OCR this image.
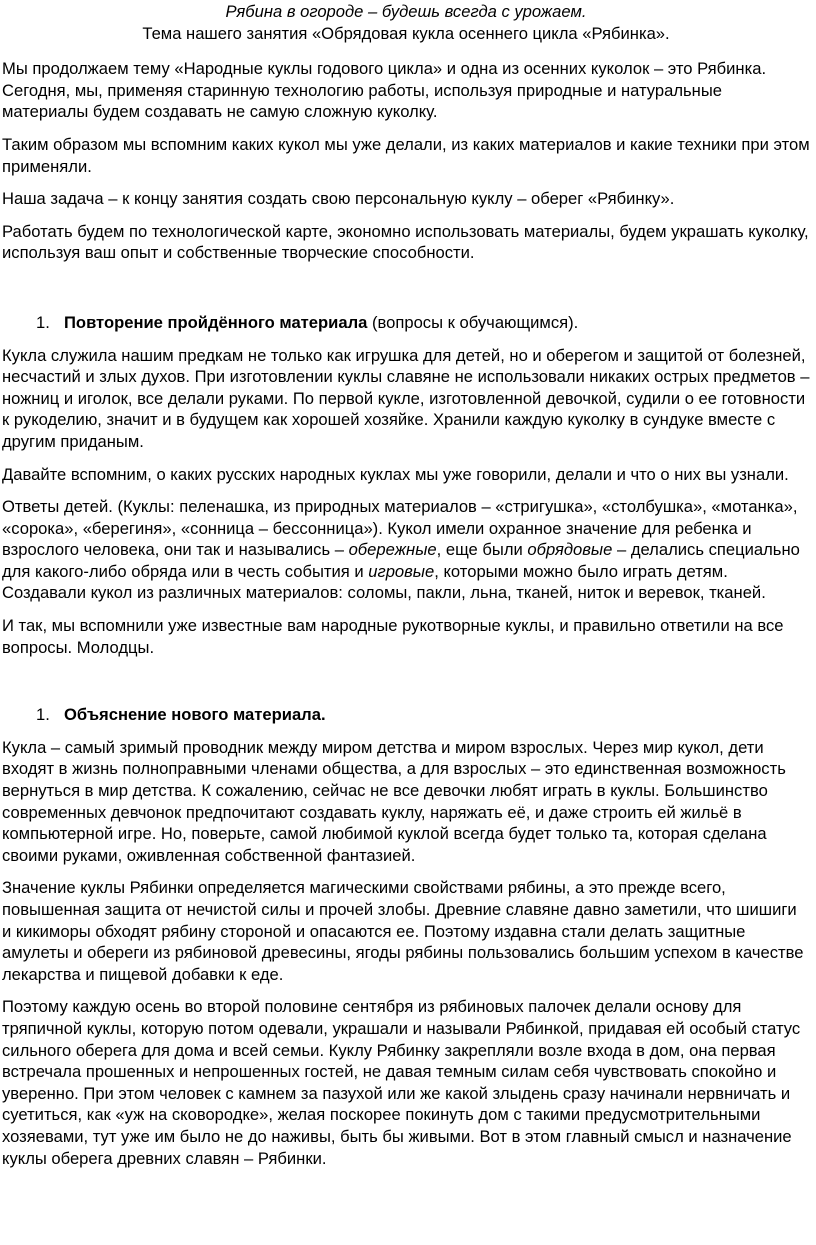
Рябина в огороде – будешь всегда с урожаем.
Тема нашего занятия «Обрядовая кукла осеннего цикла «Рябинка».

Мы продолжаем тему «Народные куклы годового цикла» и одна из осенних куколок – это Рябинка. Сегодня, мы, применяя старинную технологию работы, используя природные и натуральные материалы будем создавать не самую сложную куколку.

Таким образом мы вспомним каких кукол мы уже делали, из каких материалов и какие техники при этом применяли.

Наша задача – к концу занятия создать свою персональную куклу – оберег «Рябинку».

Работать будем по технологической карте, экономно использовать материалы, будем украшать куколку, используя ваш опыт и собственные творческие способности.

1. Повторение пройдённого материала (вопросы к обучающимся).

Кукла служила нашим предкам не только как игрушка для детей, но и оберегом и защитой от болезней, несчастий и злых духов. При изготовлении куклы славяне не использовали никаких острых предметов – ножниц и иголок, все делали руками. По первой кукле, изготовленной девочкой, судили о ее готовности к рукоделию, значит и в будущем как хорошей хозяйке. Хранили каждую куколку в сундуке вместе с другим приданым.

Давайте вспомним, о каких русских народных куклах мы уже говорили, делали и что о них вы узнали.

Ответы детей. (Куклы: пеленашка, из природных материалов – «стригушка», «столбушка», «мотанка», «сорока», «берегиня», «сонница – бессонница»). Кукол имели охранное значение для ребенка и взрослого человека, они так и назывались – обережные, еще были обрядовые – делались специально для какого-либо обряда или в честь события и игровые, которыми можно было играть детям. Создавали кукол из различных материалов: соломы, пакли, льна, тканей, ниток и веревок, тканей.

И так, мы вспомнили уже известные вам народные рукотворные куклы, и правильно ответили на все вопросы. Молодцы.

1. Объяснение нового материала.

Кукла – самый зримый проводник между миром детства и миром взрослых. Через мир кукол, дети входят в жизнь полноправными членами общества, а для взрослых – это единственная возможность вернуться в мир детства. К сожалению, сейчас не все девочки любят играть в куклы. Большинство современных девчонок предпочитают создавать куклу, наряжать её, и даже строить ей жильё в компьютерной игре. Но, поверьте, самой любимой куклой всегда будет только та, которая сделана своими руками, оживленная собственной фантазией.

Значение куклы Рябинки определяется магическими свойствами рябины, а это прежде всего, повышенная защита от нечистой силы и прочей злобы. Древние славяне давно заметили, что шишиги и кикиморы обходят рябину стороной и опасаются ее. Поэтому издавна стали делать защитные амулеты и обереги из рябиновой древесины, ягоды рябины пользовались большим успехом в качестве лекарства и пищевой добавки к еде.

Поэтому каждую осень во второй половине сентября из рябиновых палочек делали основу для тряпичной куклы, которую потом одевали, украшали и называли Рябинкой, придавая ей особый статус сильного оберега для дома и всей семьи. Куклу Рябинку закрепляли возле входа в дом, она первая встречала прошенных и непрошенных гостей, не давая темным силам себя чувствовать спокойно и уверенно. При этом человек с камнем за пазухой или же какой злыдень сразу начинали нервничать и суетиться, как «уж на сковородке», желая поскорее покинуть дом с такими предусмотрительными хозяевами, тут уже им было не до наживы, быть бы живыми. Вот в этом главный смысл и назначение куклы оберега древних славян – Рябинки.
